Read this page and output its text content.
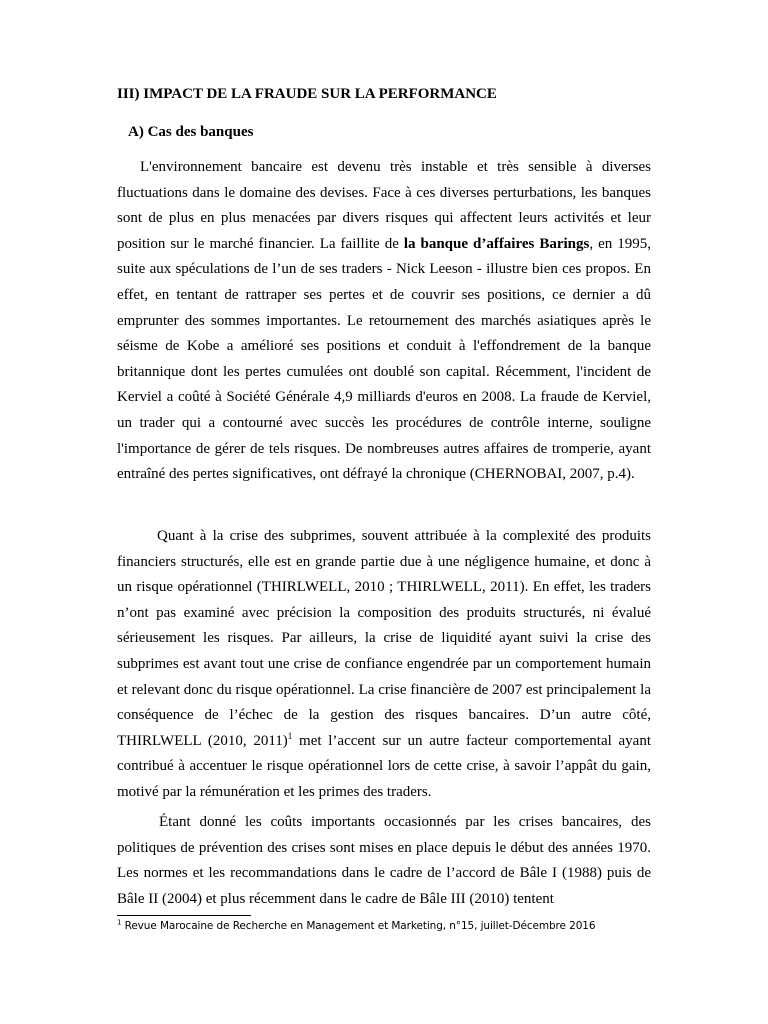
III) IMPACT DE LA FRAUDE SUR LA PERFORMANCE
A) Cas des banques

L'environnement bancaire est devenu très instable et très sensible à diverses fluctuations dans le domaine des devises. Face à ces diverses perturbations, les banques sont de plus en plus menacées par divers risques qui affectent leurs activités et leur position sur le marché financier. La faillite de la banque d’affaires Barings, en 1995, suite aux spéculations de l’un de ses traders - Nick Leeson - illustre bien ces propos. En effet, en tentant de rattraper ses pertes et de couvrir ses positions, ce dernier a dû emprunter des sommes importantes. Le retournement des marchés asiatiques après le séisme de Kobe a amélioré ses positions et conduit à l'effondrement de la banque britannique dont les pertes cumulées ont doublé son capital. Récemment, l'incident de Kerviel a coûté à Société Générale 4,9 milliards d'euros en 2008. La fraude de Kerviel, un trader qui a contourné avec succès les procédures de contrôle interne, souligne l'importance de gérer de tels risques. De nombreuses autres affaires de tromperie, ayant entraîné des pertes significatives, ont défrayé la chronique (CHERNOBAI, 2007, p.4).

Quant à la crise des subprimes, souvent attribuée à la complexité des produits financiers structurés, elle est en grande partie due à une négligence humaine, et donc à un risque opérationnel (THIRLWELL, 2010 ; THIRLWELL, 2011). En effet, les traders n’ont pas examiné avec précision la composition des produits structurés, ni évalué sérieusement les risques. Par ailleurs, la crise de liquidité ayant suivi la crise des subprimes est avant tout une crise de confiance engendrée par un comportement humain et relevant donc du risque opérationnel. La crise financière de 2007 est principalement la conséquence de l’échec de la gestion des risques bancaires. D’un autre côté, THIRLWELL (2010, 2011)$^1$ met l’accent sur un autre facteur comportemental ayant contribué à accentuer le risque opérationnel lors de cette crise, à savoir l’appât du gain, motivé par la rémunération et les primes des traders.

Étant donné les coûts importants occasionnés par les crises bancaires, des politiques de prévention des crises sont mises en place depuis le début des années 1970. Les normes et les recommandations dans le cadre de l’accord de Bâle I (1988) puis de Bâle II (2004) et plus récemment dans le cadre de Bâle III (2010) tentent

$^1$ Revue Marocaine de Recherche en Management et Marketing, n°15, juillet-Décembre 2016
